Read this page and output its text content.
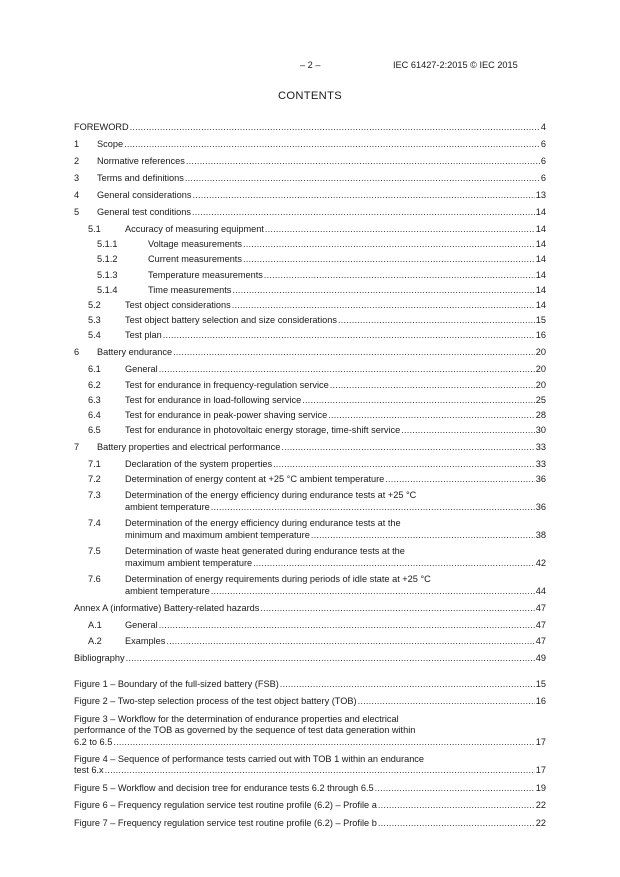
– 2 –	IEC 61427-2:2015 © IEC 2015
CONTENTS
FOREWORD .....	4
1 Scope .....	6
2 Normative references .....	6
3 Terms and definitions .....	6
4 General considerations .....	13
5 General test conditions .....	14
5.1	Accuracy of measuring equipment .....	14
5.1.1	Voltage measurements .....	14
5.1.2	Current measurements .....	14
5.1.3	Temperature measurements .....	14
5.1.4	Time measurements .....	14
5.2	Test object considerations .....	14
5.3	Test object battery selection and size considerations .....	15
5.4	Test plan .....	16
6 Battery endurance .....	20
6.1	General .....	20
6.2	Test for endurance in frequency-regulation service .....	20
6.3	Test for endurance in load-following service .....	25
6.4	Test for endurance in peak-power shaving service .....	28
6.5	Test for endurance in photovoltaic energy storage, time-shift service .....	30
7 Battery properties and electrical performance .....	33
7.1	Declaration of the system properties .....	33
7.2	Determination of energy content at +25 °C ambient temperature .....	36
7.3	Determination of the energy efficiency during endurance tests at +25 °C
ambient temperature .....	36
7.4	Determination of the energy efficiency during endurance tests at the
minimum and maximum ambient temperature .....	38
7.5	Determination of waste heat generated during endurance tests at the
maximum ambient temperature .....	42
7.6	Determination of energy requirements during periods of idle state at +25 °C
ambient temperature .....	44
Annex A (informative) Battery-related hazards .....	47
A.1	General .....	47
A.2	Examples .....	47
Bibliography .....	49
Figure 1 – Boundary of the full-sized battery (FSB) .....	15
Figure 2 – Two-step selection process of the test object battery (TOB) .....	16
Figure 3 – Workflow for the determination of endurance properties and electrical
performance of the TOB as governed by the sequence of test data generation within
6.2 to 6.5 .....	17
Figure 4 – Sequence of performance tests carried out with TOB 1 within an endurance
test 6.x .....	17
Figure 5 – Workflow and decision tree for endurance tests 6.2 through 6.5 .....	19
Figure 6 – Frequency regulation service test routine profile (6.2) – Profile a .....	22
Figure 7 – Frequency regulation service test routine profile (6.2) – Profile b .....	22
